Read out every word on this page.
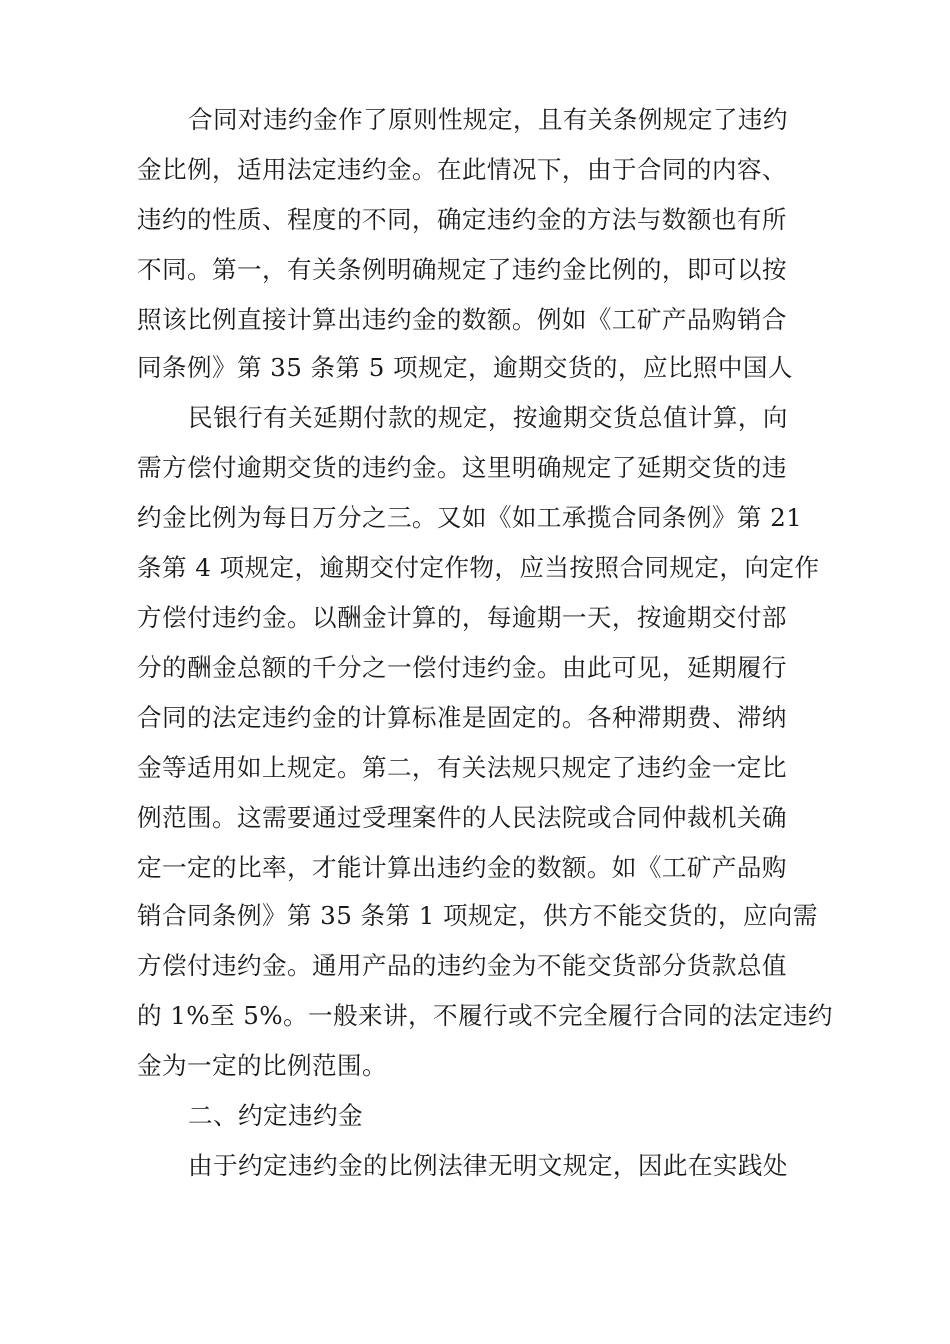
合同对违约金作了原则性规定，且有关条例规定了违约
金比例，适用法定违约金。在此情况下，由于合同的内容、
违约的性质、程度的不同，确定违约金的方法与数额也有所
不同。第一，有关条例明确规定了违约金比例的，即可以按
照该比例直接计算出违约金的数额。例如《工矿产品购销合
同条例》第 35 条第 5 项规定，逾期交货的，应比照中国人
民银行有关延期付款的规定，按逾期交货总值计算，向
需方偿付逾期交货的违约金。这里明确规定了延期交货的违
约金比例为每日万分之三。又如《如工承揽合同条例》第 21
条第 4 项规定，逾期交付定作物，应当按照合同规定，向定作
方偿付违约金。以酬金计算的，每逾期一天，按逾期交付部
分的酬金总额的千分之一偿付违约金。由此可见，延期履行
合同的法定违约金的计算标准是固定的。各种滞期费、滞纳
金等适用如上规定。第二，有关法规只规定了违约金一定比
例范围。这需要通过受理案件的人民法院或合同仲裁机关确
定一定的比率，才能计算出违约金的数额。如《工矿产品购
销合同条例》第 35 条第 1 项规定，供方不能交货的，应向需
方偿付违约金。通用产品的违约金为不能交货部分货款总值
的 1%至 5%。一般来讲，不履行或不完全履行合同的法定违约
金为一定的比例范围。
二、约定违约金
由于约定违约金的比例法律无明文规定，因此在实践处
